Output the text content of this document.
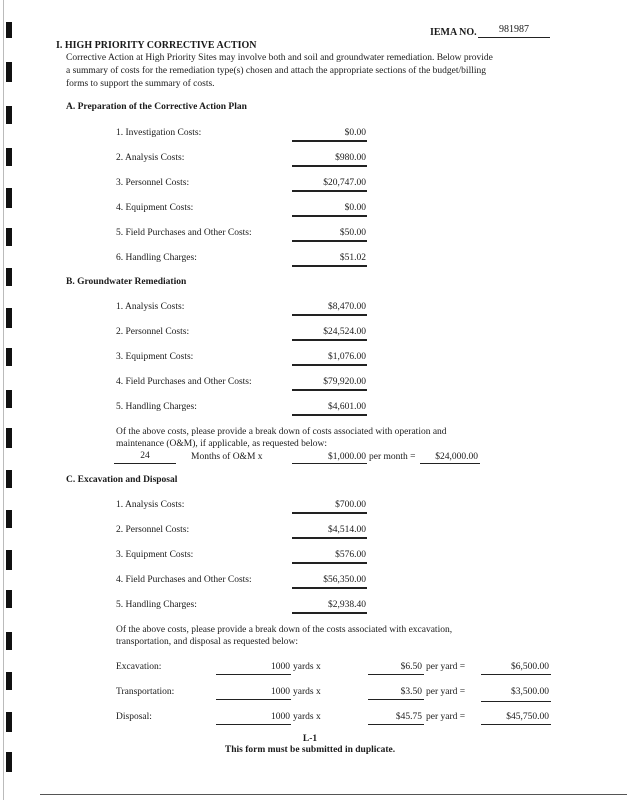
IEMA NO.	981987
I. HIGH PRIORITY CORRECTIVE ACTION
Corrective Action at High Priority Sites may involve both and soil and groundwater remediation. Below provide
a summary of costs for the remediation type(s) chosen and attach the appropriate sections of the budget/billing
forms to support the summary of costs.
A. Preparation of the Corrective Action Plan
1. Investigation Costs:	$0.00
2. Analysis Costs:	$980.00
3. Personnel Costs:	$20,747.00
4. Equipment Costs:	$0.00
5. Field Purchases and Other Costs:	$50.00
6. Handling Charges:	$51.02
B. Groundwater Remediation
1. Analysis Costs:	$8,470.00
2. Personnel Costs:	$24,524.00
3. Equipment Costs:	$1,076.00
4. Field Purchases and Other Costs:	$79,920.00
5. Handling Charges:	$4,601.00
Of the above costs, please provide a break down of costs associated with operation and
maintenance (O&M), if applicable, as requested below:
24	Months of O&M x	$1,000.00 per month =	$24,000.00
C. Excavation and Disposal
1. Analysis Costs:	$700.00
2. Personnel Costs:	$4,514.00
3. Equipment Costs:	$576.00
4. Field Purchases and Other Costs:	$56,350.00
5. Handling Charges:	$2,938.40
Of the above costs, please provide a break down of the costs associated with excavation,
transportation, and disposal as requested below:
Excavation:	1000 yards x	$6.50 per yard =	$6,500.00
Transportation:	1000 yards x	$3.50 per yard =	$3,500.00
Disposal:	1000 yards x	$45.75 per yard =	$45,750.00
L-1
This form must be submitted in duplicate.
